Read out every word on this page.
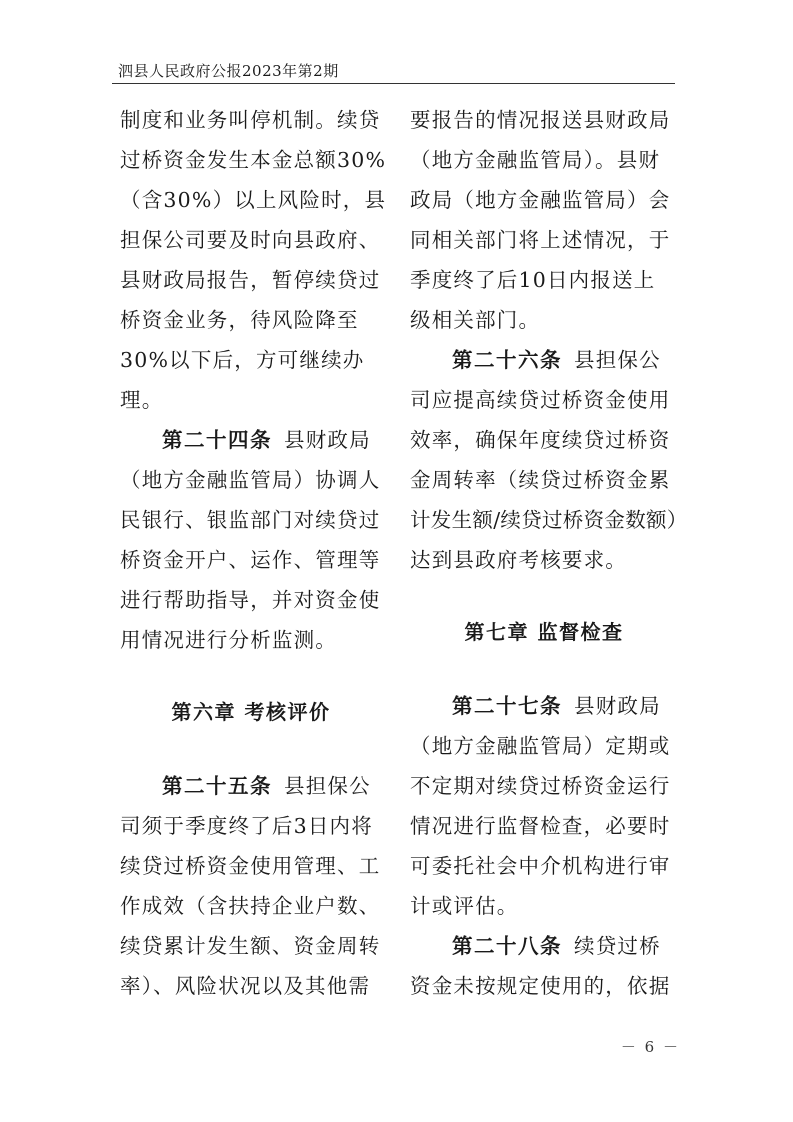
泗县人民政府公报2023年第2期
制度和业务叫停机制。续贷
过桥资金发生本金总额30%
（含30%）以上风险时，县
担保公司要及时向县政府、
县财政局报告，暂停续贷过
桥资金业务，待风险降至
30%以下后，方可继续办
理。
第二十四条 县财政局
（地方金融监管局）协调人
民银行、银监部门对续贷过
桥资金开户、运作、管理等
进行帮助指导，并对资金使
用情况进行分析监测。
第六章 考核评价
第二十五条 县担保公
司须于季度终了后3日内将
续贷过桥资金使用管理、工
作成效（含扶持企业户数、
续贷累计发生额、资金周转
率）、风险状况以及其他需
要报告的情况报送县财政局
（地方金融监管局）。县财
政局（地方金融监管局）会
同相关部门将上述情况，于
季度终了后10日内报送上
级相关部门。
第二十六条 县担保公
司应提高续贷过桥资金使用
效率，确保年度续贷过桥资
金周转率（续贷过桥资金累
计发生额/续贷过桥资金数额）
达到县政府考核要求。
第七章 监督检查
第二十七条 县财政局
（地方金融监管局）定期或
不定期对续贷过桥资金运行
情况进行监督检查，必要时
可委托社会中介机构进行审
计或评估。
第二十八条 续贷过桥
资金未按规定使用的，依据
－ 6 －
